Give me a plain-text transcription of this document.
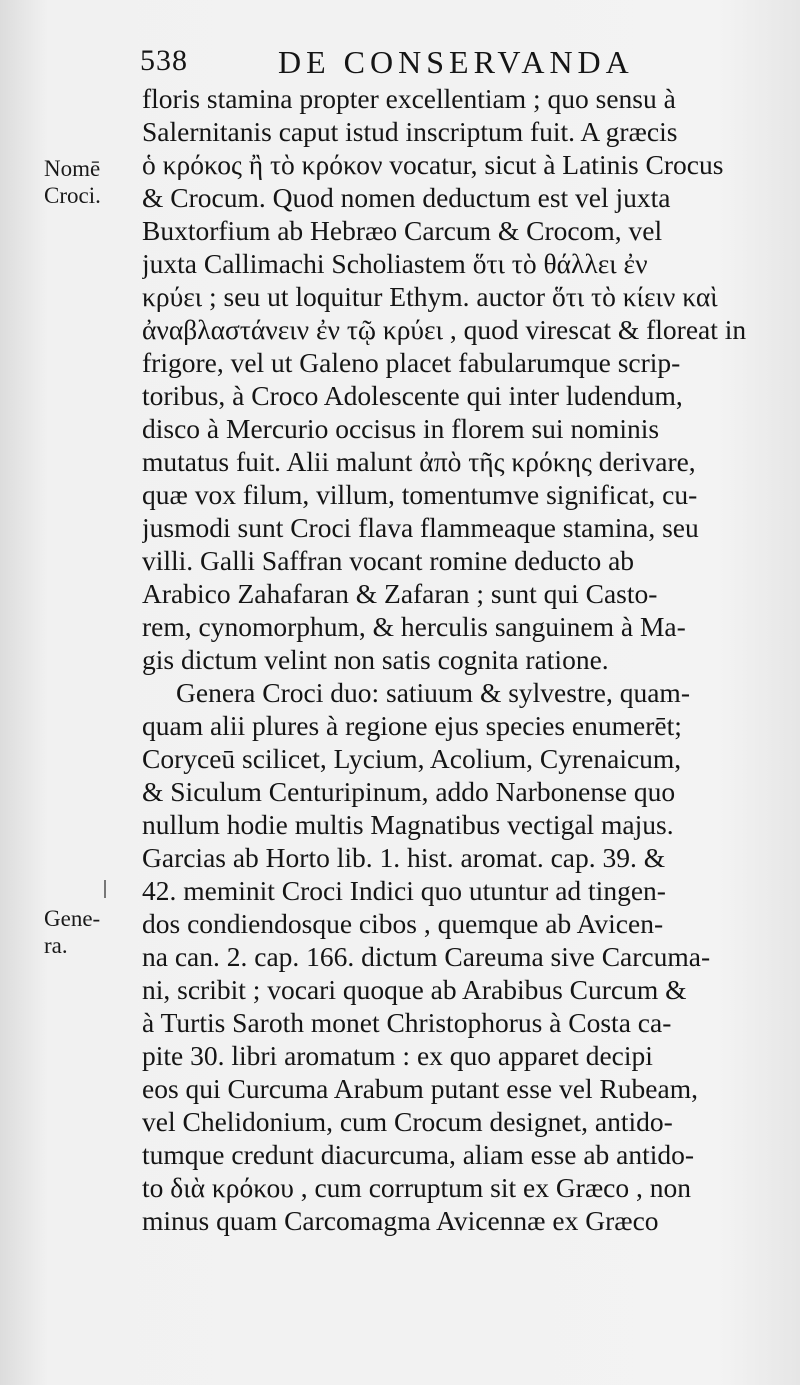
538	DE CONSERVANDA
Nomē
Croci.
Gene-
ra.
floris stamina propter excellentiam ; quo sensu à
Salernitanis caput istud inscriptum fuit. A græcis
ὁ κρόκος ἢ τὸ κρόκον vocatur, sicut à Latinis Crocus
& Crocum. Quod nomen deductum est vel juxta
Buxtorfium ab Hebræo Carcum & Crocom, vel
juxta Callimachi Scholiastem ὅτι τὸ θάλλει ἐν
κρύει ; seu ut loquitur Ethym. auctor ὅτι τὸ κίειν καὶ
ἀναβλαστάνειν ἐν τῷ κρύει , quod virescat & floreat in
frigore, vel ut Galeno placet fabularumque scrip-
toribus, à Croco Adolescente qui inter ludendum,
disco à Mercurio occisus in florem sui nominis
mutatus fuit. Alii malunt ἀπὸ τῆς κρόκης derivare,
quæ vox filum, villum, tomentumve significat, cu-
jusmodi sunt Croci flava flammeaque stamina, seu
villi. Galli Saffran vocant romine deducto ab
Arabico Zahafaran & Zafaran ; sunt qui Casto-
rem, cynomorphum, & herculis sanguinem à Ma-
gis dictum velint non satis cognita ratione.
Genera Croci duo: satiuum & sylvestre, quam-
quam alii plures à regione ejus species enumerēt;
Coryceū scilicet, Lycium, Acolium, Cyrenaicum,
& Siculum Centuripinum, addo Narbonense quo
nullum hodie multis Magnatibus vectigal majus.
Garcias ab Horto lib. 1. hist. aromat. cap. 39. &
42. meminit Croci Indici quo utuntur ad tingen-
dos condiendosque cibos , quemque ab Avicen-
na can. 2. cap. 166. dictum Careuma sive Carcuma-
ni, scribit ; vocari quoque ab Arabibus Curcum &
à Turtis Saroth monet Christophorus à Costa ca-
pite 30. libri aromatum : ex quo apparet decipi
eos qui Curcuma Arabum putant esse vel Rubeam,
vel Chelidonium, cum Crocum designet, antido-
tumque credunt diacurcuma, aliam esse ab antido-
to διὰ κρόκου , cum corruptum sit ex Græco , non
minus quam Carcomagma Avicennæ ex Græco
